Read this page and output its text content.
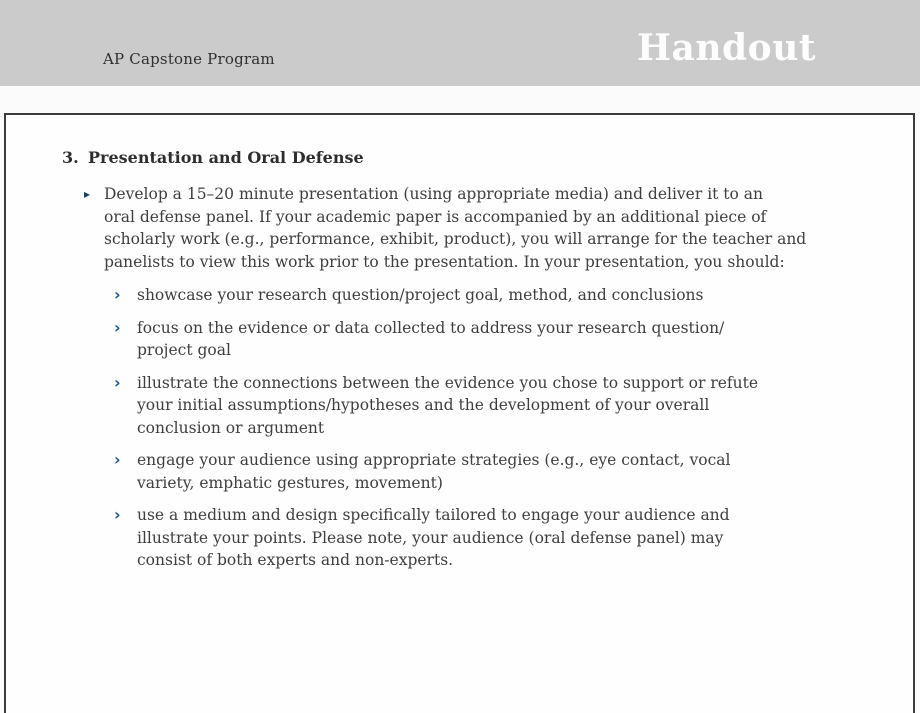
AP Capstone Program	Handout
3. Presentation and Oral Defense
▸ Develop a 15–20 minute presentation (using appropriate media) and deliver it to an
oral defense panel. If your academic paper is accompanied by an additional piece of
scholarly work (e.g., performance, exhibit, product), you will arrange for the teacher and
panelists to view this work prior to the presentation. In your presentation, you should:
›	showcase your research question/project goal, method, and conclusions
›	focus on the evidence or data collected to address your research question/
project goal
›	illustrate the connections between the evidence you chose to support or refute
your initial assumptions/hypotheses and the development of your overall
conclusion or argument
›	engage your audience using appropriate strategies (e.g., eye contact, vocal
variety, emphatic gestures, movement)
›	use a medium and design specifically tailored to engage your audience and
illustrate your points. Please note, your audience (oral defense panel) may
consist of both experts and non-experts.
